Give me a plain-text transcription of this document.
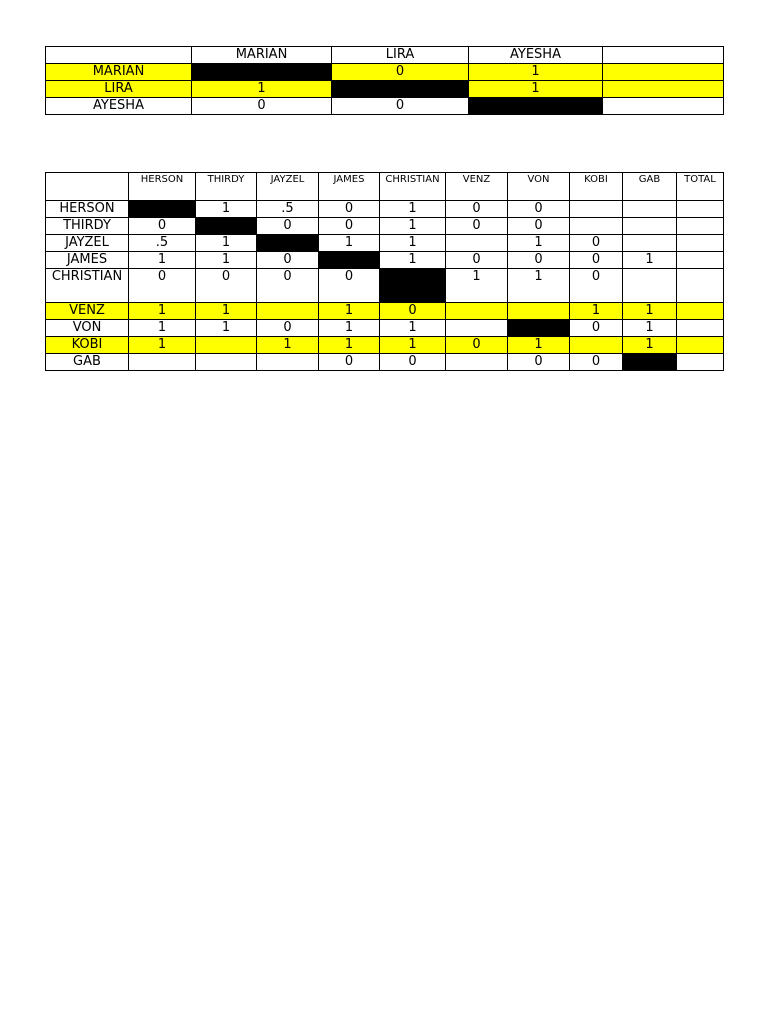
	MARIAN	LIRA	AYESHA	
MARIAN		0	1	
LIRA	1		1	
AYESHA	0	0		
	HERSON	THIRDY	JAYZEL	JAMES	CHRISTIAN	VENZ	VON	KOBI	GAB	TOTAL
HERSON		1	.5	0	1	0	0			
THIRDY	0		0	0	1	0	0			
JAYZEL	.5	1		1	1		1	0		
JAMES	1	1	0		1	0	0	0	1	
CHRISTIAN	0	0	0	0		1	1	0		
VENZ	1	1		1	0			1	1	
VON	1	1	0	1	1			0	1	
KOBI	1		1	1	1	0	1		1	
GAB				0	0		0	0		
